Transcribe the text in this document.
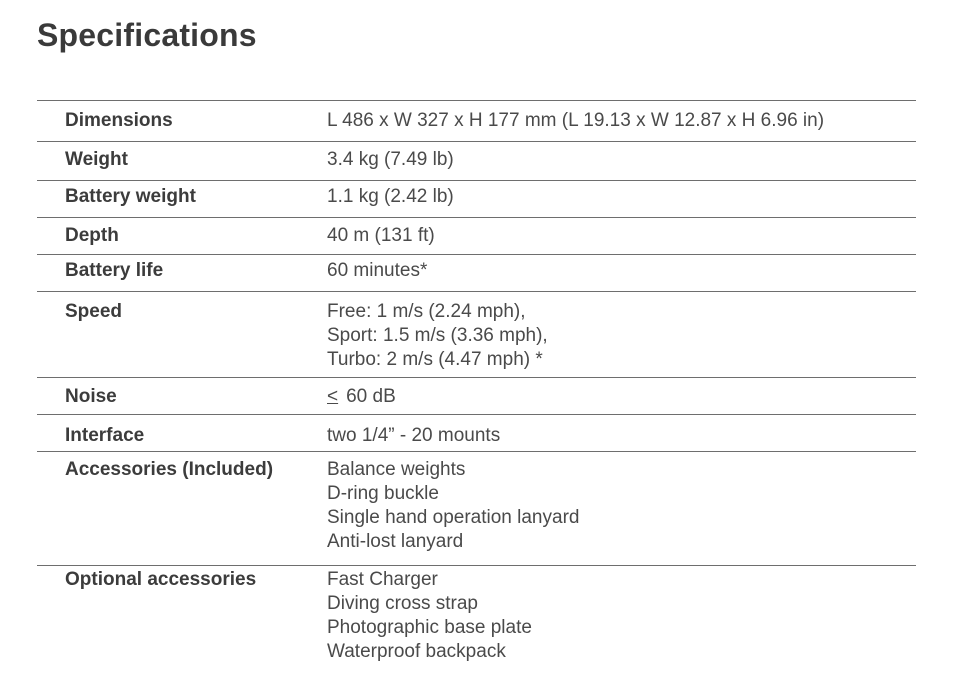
Specifications
Dimensions	L 486 x W 327 x H 177 mm (L 19.13 x W 12.87 x H 6.96 in)
Weight	3.4 kg (7.49 lb)
Battery weight	1.1 kg (2.42 lb)
Depth	40 m (131 ft)
Battery life	60 minutes*
Speed	Free: 1 m/s (2.24 mph),
Sport: 1.5 m/s (3.36 mph),
Turbo: 2 m/s (4.47 mph) *
Noise	≤ 60 dB
Interface	two 1/4” - 20 mounts
Accessories (Included)	Balance weights
D-ring buckle
Single hand operation lanyard
Anti-lost lanyard
Optional accessories	Fast Charger
Diving cross strap
Photographic base plate
Waterproof backpack
